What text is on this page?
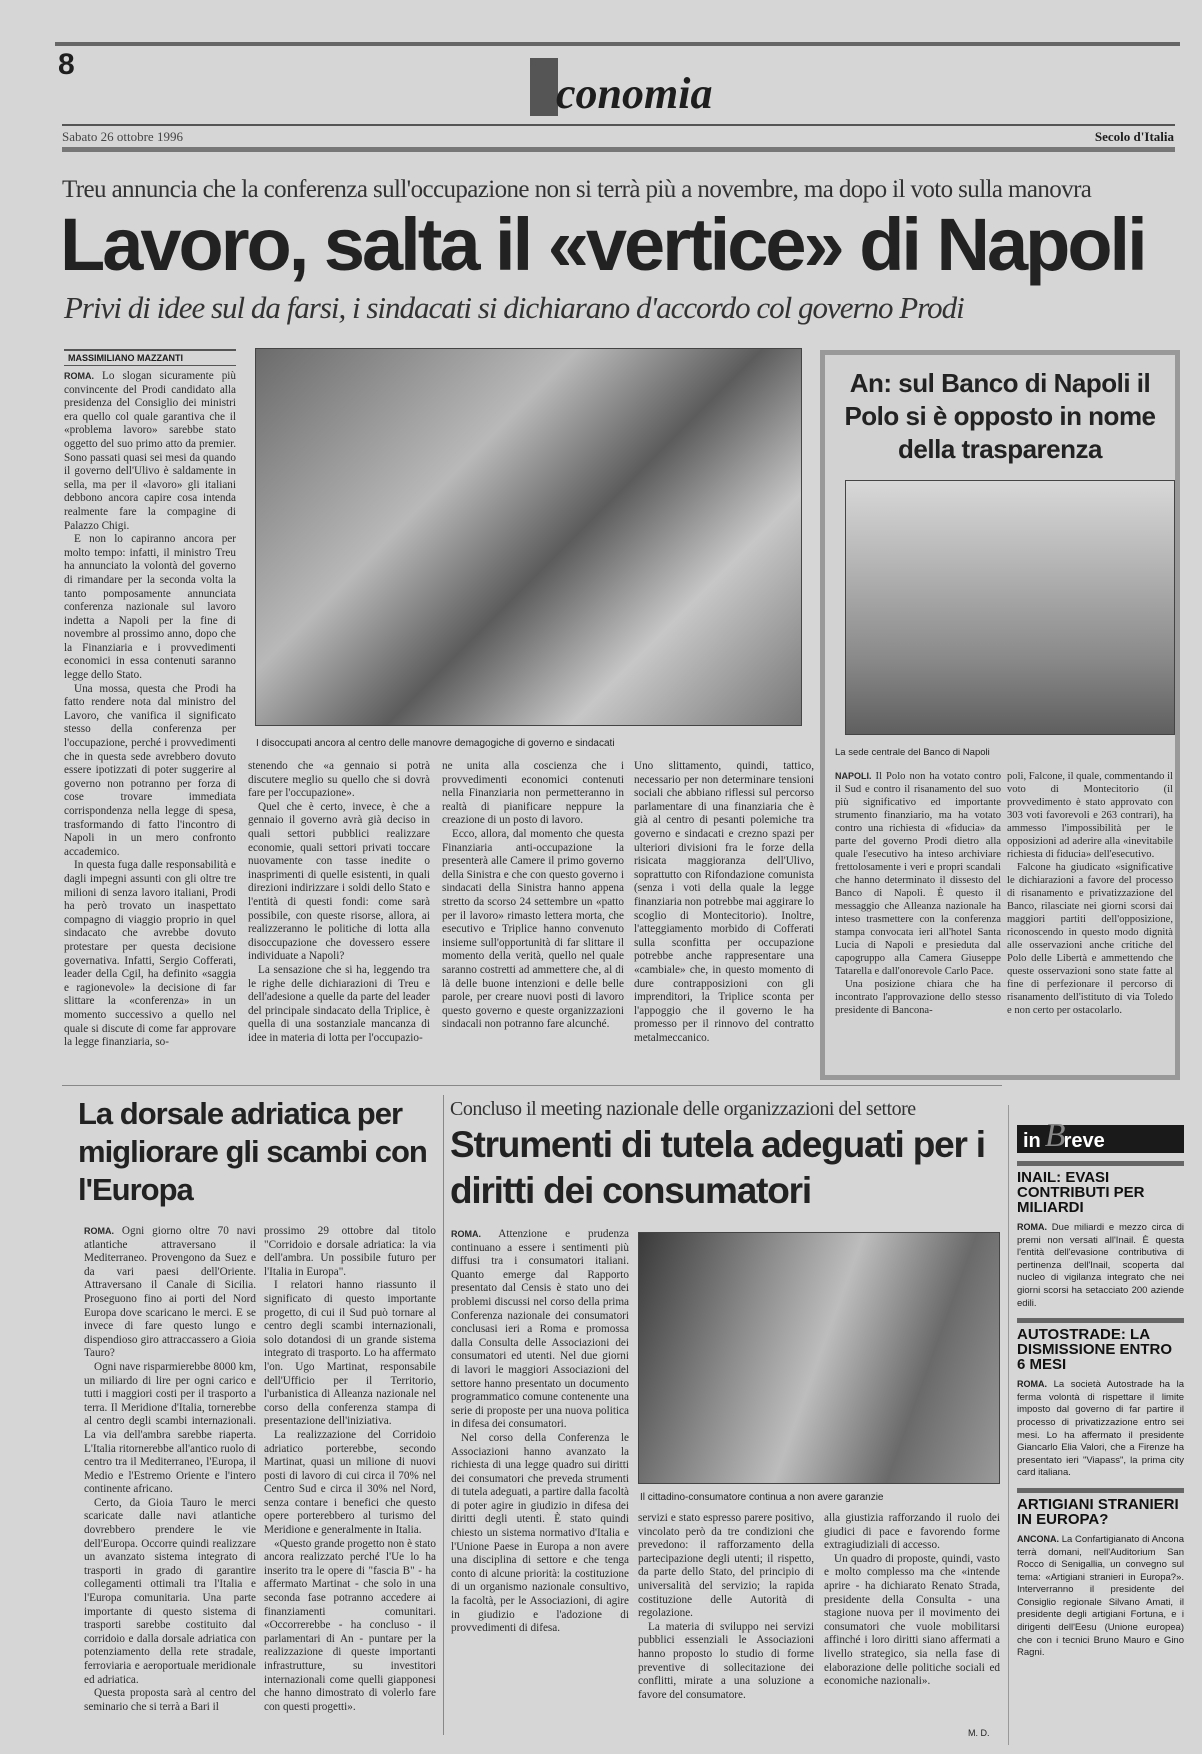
8	E
conomia
Sabato 26 ottobre 1996	Secolo d'Italia
Treu annuncia che la conferenza sull'occupazione non si terrà più a novembre, ma dopo il voto sulla manovra
Lavoro, salta il «vertice» di Napoli
Privi di idee sul da farsi, i sindacati si dichiarano d'accordo col governo Prodi
MASSIMILIANO MAZZANTI

ROMA. Lo slogan sicuramente più convincente del Prodi candidato alla presidenza del Consiglio dei ministri era quello col quale garantiva che il «problema lavoro» sarebbe stato oggetto del suo primo atto da premier. Sono passati quasi sei mesi da quando il governo dell'Ulivo è saldamente in sella, ma per il «lavoro» gli italiani debbono ancora capire cosa intenda realmente fare la compagine di Palazzo Chigi.

E non lo capiranno ancora per molto tempo: infatti, il ministro Treu ha annunciato la volontà del governo di rimandare per la seconda volta la tanto pomposamente annunciata conferenza nazionale sul lavoro indetta a Napoli per la fine di novembre al prossimo anno, dopo che la Finanziaria e i provvedimenti economici in essa contenuti saranno legge dello Stato.

Una mossa, questa che Prodi ha fatto rendere nota dal ministro del Lavoro, che vanifica il significato stesso della conferenza per l'occupazione, perché i provvedimenti che in questa sede avrebbero dovuto essere ipotizzati di poter suggerire al governo non potranno per forza di cose trovare immediata corrispondenza nella legge di spesa, trasformando di fatto l'incontro di Napoli in un mero confronto accademico.

In questa fuga dalle responsabilità e dagli impegni assunti con gli oltre tre milioni di senza lavoro italiani, Prodi ha però trovato un inaspettato compagno di viaggio proprio in quel sindacato che avrebbe dovuto protestare per questa decisione governativa. Infatti, Sergio Cofferati, leader della Cgil, ha definito «saggia e ragionevole» la decisione di far slittare la «conferenza» in un momento successivo a quello nel quale si discute di come far approvare la legge finanziaria, so-

I disoccupati ancora al centro delle manovre demagogiche di governo e sindacati

stenendo che «a gennaio si potrà discutere meglio su quello che si dovrà fare per l'occupazione».

Quel che è certo, invece, è che a gennaio il governo avrà già deciso in quali settori pubblici realizzare economie, quali settori privati toccare nuovamente con tasse inedite o inasprimenti di quelle esistenti, in quali direzioni indirizzare i soldi dello Stato e l'entità di questi fondi: come sarà possibile, con queste risorse, allora, ai realizzeranno le politiche di lotta alla disoccupazione che dovessero essere individuate a Napoli?

La sensazione che si ha, leggendo tra le righe delle dichiarazioni di Treu e dell'adesione a quelle da parte del leader del principale sindacato della Triplice, è quella di una sostanziale mancanza di idee in materia di lotta per l'occupazio-

ne unita alla coscienza che i provvedimenti economici contenuti nella Finanziaria non permetteranno in realtà di pianificare neppure la creazione di un posto di lavoro.

Ecco, allora, dal momento che questa Finanziaria anti-occupazione la presenterà alle Camere il primo governo della Sinistra e che con questo governo i sindacati della Sinistra hanno appena stretto da scorso 24 settembre un «patto per il lavoro» rimasto lettera morta, che esecutivo e Triplice hanno convenuto insieme sull'opportunità di far slittare il momento della verità, quello nel quale saranno costretti ad ammettere che, al di là delle buone intenzioni e delle belle parole, per creare nuovi posti di lavoro questo governo e queste organizzazioni sindacali non potranno fare alcunché.

Uno slittamento, quindi, tattico, necessario per non determinare tensioni sociali che abbiano riflessi sul percorso parlamentare di una finanziaria che è già al centro di pesanti polemiche tra governo e sindacati e crezno spazi per ulteriori divisioni fra le forze della risicata maggioranza dell'Ulivo, soprattutto con Rifondazione comunista (senza i voti della quale la legge finanziaria non potrebbe mai aggirare lo scoglio di Montecitorio). Inoltre, l'atteggiamento morbido di Cofferati sulla sconfitta per occupazione potrebbe anche rappresentare una «cambiale» che, in questo momento di dure contrapposizioni con gli imprenditori, la Triplice sconta per l'appoggio che il governo le ha promesso per il rinnovo del contratto metalmeccanico.

An: sul Banco di Napoli il Polo si è opposto in nome della trasparenza
La sede centrale del Banco di Napoli

NAPOLI. Il Polo non ha votato contro il Sud e contro il risanamento del suo più significativo ed importante strumento finanziario, ma ha votato contro una richiesta di «fiducia» da parte del governo Prodi dietro alla quale l'esecutivo ha inteso archiviare frettolosamente i veri e propri scandali che hanno determinato il dissesto del Banco di Napoli. È questo il messaggio che Alleanza nazionale ha inteso trasmettere con la conferenza stampa convocata ieri all'hotel Santa Lucia di Napoli e presieduta dal capogruppo alla Camera Giuseppe Tatarella e dall'onorevole Carlo Pace.

Una posizione chiara che ha incontrato l'approvazione dello stesso presidente di Bancona-

poli, Falcone, il quale, commentando il voto di Montecitorio (il provvedimento è stato approvato con 303 voti favorevoli e 263 contrari), ha ammesso l'impossibilità per le opposizioni ad aderire alla «inevitabile richiesta di fiducia» dell'esecutivo.

Falcone ha giudicato «significative le dichiarazioni a favore del processo di risanamento e privatizzazione del Banco, rilasciate nei giorni scorsi dai maggiori partiti dell'opposizione, riconoscendo in questo modo dignità alle osservazioni anche critiche del Polo delle Libertà e ammettendo che queste osservazioni sono state fatte al fine di perfezionare il percorso di risanamento dell'istituto di via Toledo e non certo per ostacolarlo.

La dorsale adriatica per migliorare gli scambi con l'Europa

ROMA. Ogni giorno oltre 70 navi atlantiche attraversano il Mediterraneo. Provengono da Suez e da vari paesi dell'Oriente. Attraversano il Canale di Sicilia. Proseguono fino ai porti del Nord Europa dove scaricano le merci. E se invece di fare questo lungo e dispendioso giro attraccassero a Gioia Tauro?

Ogni nave risparmierebbe 8000 km, un miliardo di lire per ogni carico e tutti i maggiori costi per il trasporto a terra. Il Meridione d'Italia, tornerebbe al centro degli scambi internazionali. La via dell'ambra sarebbe riaperta. L'Italia ritornerebbe all'antico ruolo di centro tra il Mediterraneo, l'Europa, il Medio e l'Estremo Oriente e l'intero continente africano.

Certo, da Gioia Tauro le merci scaricate dalle navi atlantiche dovrebbero prendere le vie dell'Europa. Occorre quindi realizzare un avanzato sistema integrato di trasporti in grado di garantire collegamenti ottimali tra l'Italia e l'Europa comunitaria. Una parte importante di questo sistema di trasporti sarebbe costituito dal corridoio e dalla dorsale adriatica con potenziamento della rete stradale, ferroviaria e aeroportuale meridionale ed adriatica.

Questa proposta sarà al centro del seminario che si terrà a Bari il

prossimo 29 ottobre dal titolo "Corridoio e dorsale adriatica: la via dell'ambra. Un possibile futuro per l'Italia in Europa".

I relatori hanno riassunto il significato di questo importante progetto, di cui il Sud può tornare al centro degli scambi internazionali, solo dotandosi di un grande sistema integrato di trasporto. Lo ha affermato l'on. Ugo Martinat, responsabile dell'Ufficio per il Territorio, l'urbanistica di Alleanza nazionale nel corso della conferenza stampa di presentazione dell'iniziativa.

La realizzazione del Corridoio adriatico porterebbe, secondo Martinat, quasi un milione di nuovi posti di lavoro di cui circa il 70% nel Centro Sud e circa il 30% nel Nord, senza contare i benefici che questo opere porterebbero al turismo del Meridione e generalmente in Italia.

«Questo grande progetto non è stato ancora realizzato perché l'Ue lo ha inserito tra le opere di "fascia B" - ha affermato Martinat - che solo in una seconda fase potranno accedere ai finanziamenti comunitari. «Occorrerebbe - ha concluso - il parlamentari di An - puntare per la realizzazione di queste importanti infrastrutture, su investitori internazionali come quelli giapponesi che hanno dimostrato di volerlo fare con questi progetti».

Concluso il meeting nazionale delle organizzazioni del settore
Strumenti di tutela adeguati per i diritti dei consumatori

ROMA. Attenzione e prudenza continuano a essere i sentimenti più diffusi tra i consumatori italiani. Quanto emerge dal Rapporto presentato dal Censis è stato uno dei problemi discussi nel corso della prima Conferenza nazionale dei consumatori conclusasi ieri a Roma e promossa dalla Consulta delle Associazioni dei consumatori ed utenti. Nel due giorni di lavori le maggiori Associazioni del settore hanno presentato un documento programmatico comune contenente una serie di proposte per una nuova politica in difesa dei consumatori.

Nel corso della Conferenza le Associazioni hanno avanzato la richiesta di una legge quadro sui diritti dei consumatori che preveda strumenti di tutela adeguati, a partire dalla facoltà di poter agire in giudizio in difesa dei diritti degli utenti. È stato quindi chiesto un sistema normativo d'Italia e l'Unione Paese in Europa a non avere una disciplina di settore e che tenga conto di alcune priorità: la costituzione di un organismo nazionale consultivo, la facoltà, per le Associazioni, di agire in giudizio e l'adozione di provvedimenti di difesa.

Il cittadino-consumatore continua a non avere garanzie

servizi e stato espresso parere positivo, vincolato però da tre condizioni che prevedono: il rafforzamento della partecipazione degli utenti; il rispetto, da parte dello Stato, del principio di universalità del servizio; la rapida costituzione delle Autorità di regolazione.

La materia di sviluppo nei servizi pubblici essenziali le Associazioni hanno proposto lo studio di forme preventive di sollecitazione dei conflitti, mirate a una soluzione a favore del consumatore.

alla giustizia rafforzando il ruolo dei giudici di pace e favorendo forme extragiudiziali di accesso.

Un quadro di proposte, quindi, vasto e molto complesso ma che «intende aprire - ha dichiarato Renato Strada, presidente della Consulta - una stagione nuova per il movimento dei consumatori che vuole mobilitarsi affinché i loro diritti siano affermati a livello strategico, sia nella fase di elaborazione delle politiche sociali ed economiche nazionali».

M. D.
in B
reve
INAIL: EVASI CONTRIBUTI PER MILIARDI
ROMA. Due miliardi e mezzo circa di premi non versati all'Inail. È questa l'entità dell'evasione contributiva di pertinenza dell'Inail, scoperta dal nucleo di vigilanza integrato che nei giorni scorsi ha setacciato 200 aziende edili.
AUTOSTRADE: LA DISMISSIONE ENTRO 6 MESI
ROMA. La società Autostrade ha la ferma volontà di rispettare il limite imposto dal governo di far partire il processo di privatizzazione entro sei mesi. Lo ha affermato il presidente Giancarlo Elia Valori, che a Firenze ha presentato ieri "Viapass", la prima city card italiana.
ARTIGIANI STRANIERI IN EUROPA?
ANCONA. La Confartigianato di Ancona terrà domani, nell'Auditorium San Rocco di Senigallia, un convegno sul tema: «Artigiani stranieri in Europa?». Interverranno il presidente del Consiglio regionale Silvano Amati, il presidente degli artigiani Fortuna, e i dirigenti dell'Eesu (Unione europea) che con i tecnici Bruno Mauro e Gino Ragni.
